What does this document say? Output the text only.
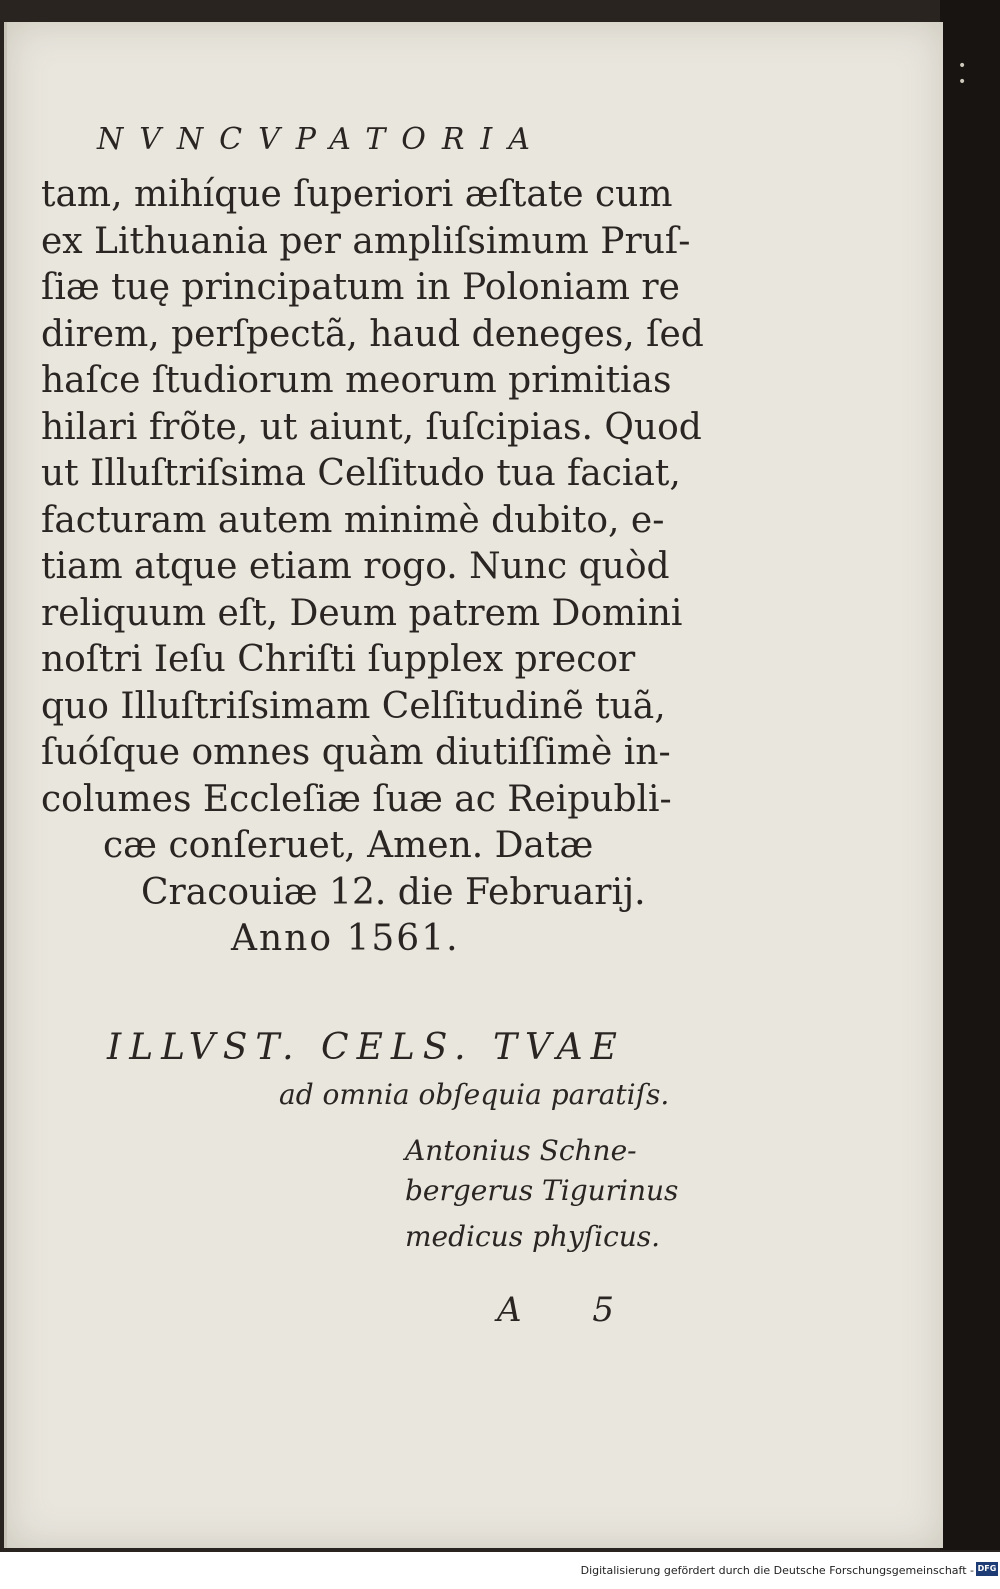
• •
NVNCVPATORIA
tam, mihíque ſuperiori æſtate cum
ex Lithuania per ampliſsimum Pruſ-
ſiæ tuę principatum in Poloniam re
direm, perſpectã, haud deneges, ſed
haſce ſtudiorum meorum primitias
hilari frõte, ut aiunt, ſuſcipias. Quod
ut Illuſtriſsima Celſitudo tua faciat,
facturam autem minimè dubito, e-
tiam atque etiam rogo. Nunc quòd
reliquum eſt, Deum patrem Domini
noſtri Ieſu Chriſti ſupplex precor
quo Illuſtriſsimam Celſitudinẽ tuã,
ſuóſque omnes quàm diutiſſimè in-
columes Eccleſiæ ſuæ ac Reipubli-
cæ conſeruet, Amen. Datæ
Cracouiæ 12. die Februarij.
Anno 1561.
ILLVST. CELS. TVAE
ad omnia obſequia paratiſs.
Antonius Schne-
bergerus Tigurinus
medicus phyſicus.
A 5
Digitalisierung gefördert durch die Deutsche Forschungsgemeinschaft - DFG
